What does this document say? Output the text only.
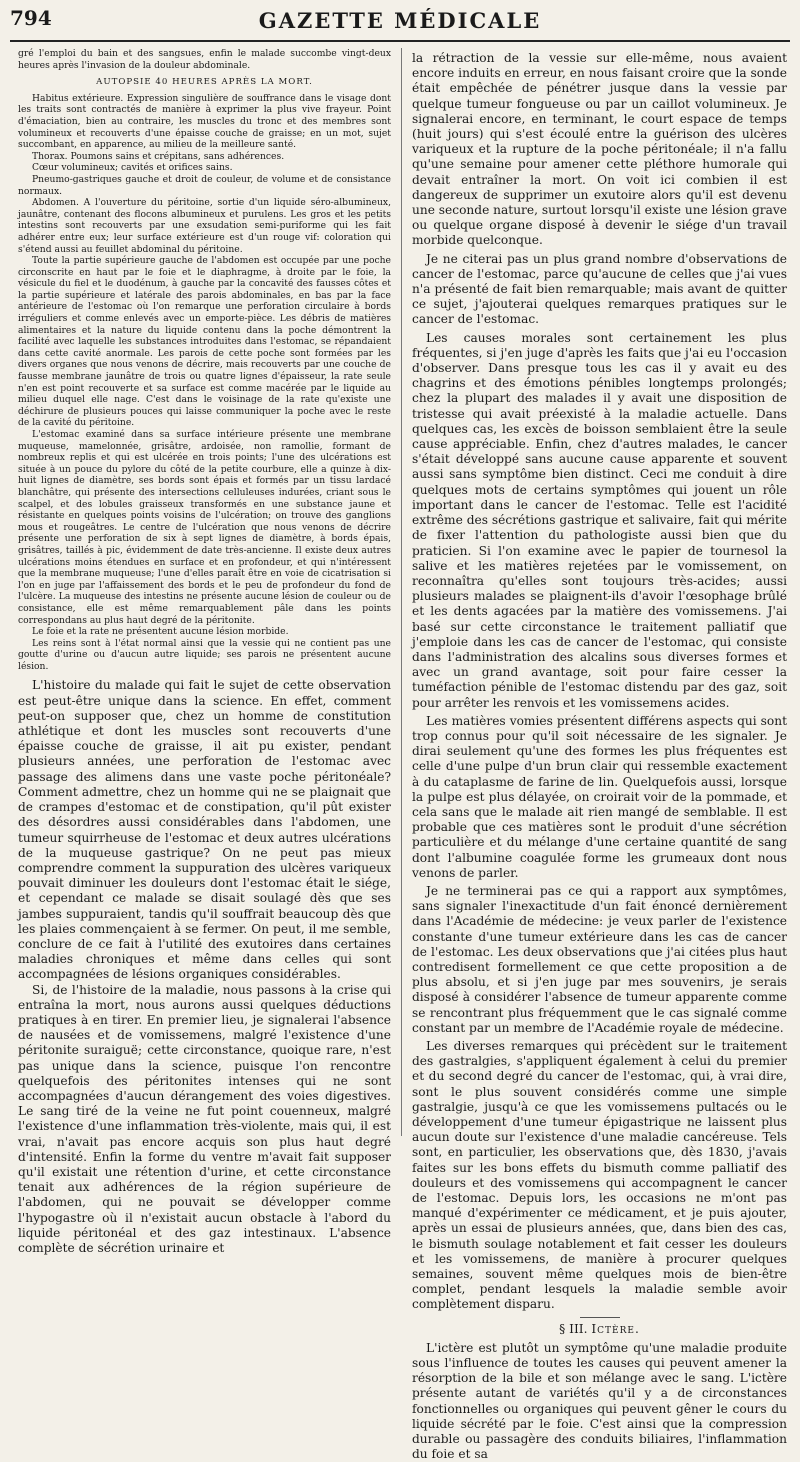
794	GAZETTE MÉDICALE

gré l'emploi du bain et des sangsues, enfin le malade succombe vingt-deux heures après l'invasion de la douleur abdominale.

AUTOPSIE 40 HEURES APRÈS LA MORT.

Habitus extérieure. Expression singulière de souffrance dans le visage dont les traits sont contractés de manière à exprimer la plus vive frayeur. Point d'émaciation, bien au contraire, les muscles du tronc et des membres sont volumineux et recouverts d'une épaisse couche de graisse; en un mot, sujet succombant, en apparence, au milieu de la meilleure santé.

Thorax. Poumons sains et crépitans, sans adhérences.

Cœur volumineux; cavités et orifices sains.

Pneumo-gastriques gauche et droit de couleur, de volume et de consistance normaux.

Abdomen. A l'ouverture du péritoine, sortie d'un liquide séro-albumineux, jaunâtre, contenant des flocons albumineux et purulens. Les gros et les petits intestins sont recouverts par une exsudation semi-puriforme qui les fait adhérer entre eux; leur surface extérieure est d'un rouge vif: coloration qui s'étend aussi au feuillet abdominal du péritoine.

Toute la partie supérieure gauche de l'abdomen est occupée par une poche circonscrite en haut par le foie et le diaphragme, à droite par le foie, la vésicule du fiel et le duodénum, à gauche par la concavité des fausses côtes et la partie supérieure et latérale des parois abdominales, en bas par la face antérieure de l'estomac où l'on remarque une perforation circulaire à bords irréguliers et comme enlevés avec un emporte-pièce. Les débris de matières alimentaires et la nature du liquide contenu dans la poche démontrent la facilité avec laquelle les substances introduites dans l'estomac, se répandaient dans cette cavité anormale. Les parois de cette poche sont formées par les divers organes que nous venons de décrire, mais recouverts par une couche de fausse membrane jaunâtre de trois ou quatre lignes d'épaisseur, la rate seule n'en est point recouverte et sa surface est comme macérée par le liquide au milieu duquel elle nage. C'est dans le voisinage de la rate qu'existe une déchirure de plusieurs pouces qui laisse communiquer la poche avec le reste de la cavité du péritoine.

L'estomac examiné dans sa surface intérieure présente une membrane muqueuse, mamelonnée, grisâtre, ardoisée, non ramollie, formant de nombreux replis et qui est ulcérée en trois points; l'une des ulcérations est située à un pouce du pylore du côté de la petite courbure, elle a quinze à dix-huit lignes de diamètre, ses bords sont épais et formés par un tissu lardacé blanchâtre, qui présente des intersections celluleuses indurées, criant sous le scalpel, et des lobules graisseux transformés en une substance jaune et résistante en quelques points voisins de l'ulcération; on trouve des ganglions mous et rougeâtres. Le centre de l'ulcération que nous venons de décrire présente une perforation de six à sept lignes de diamètre, à bords épais, grisâtres, taillés à pic, évidemment de date très-ancienne. Il existe deux autres ulcérations moins étendues en surface et en profondeur, et qui n'intéressent que la membrane muqueuse; l'une d'elles paraît être en voie de cicatrisation si l'on en juge par l'affaissement des bords et le peu de profondeur du fond de l'ulcère. La muqueuse des intestins ne présente aucune lésion de couleur ou de consistance, elle est même remarquablement pâle dans les points correspondans au plus haut degré de la péritonite.

Le foie et la rate ne présentent aucune lésion morbide.

Les reins sont à l'état normal ainsi que la vessie qui ne contient pas une goutte d'urine ou d'aucun autre liquide; ses parois ne présentent aucune lésion.

L'histoire du malade qui fait le sujet de cette observation est peut-être unique dans la science. En effet, comment peut-on supposer que, chez un homme de constitution athlétique et dont les muscles sont recouverts d'une épaisse couche de graisse, il ait pu exister, pendant plusieurs années, une perforation de l'estomac avec passage des alimens dans une vaste poche péritonéale? Comment admettre, chez un homme qui ne se plaignait que de crampes d'estomac et de constipation, qu'il pût exister des désordres aussi considérables dans l'abdomen, une tumeur squirrheuse de l'estomac et deux autres ulcérations de la muqueuse gastrique? On ne peut pas mieux comprendre comment la suppuration des ulcères variqueux pouvait diminuer les douleurs dont l'estomac était le siége, et cependant ce malade se disait soulagé dès que ses jambes suppuraient, tandis qu'il souffrait beaucoup dès que les plaies commençaient à se fermer. On peut, il me semble, conclure de ce fait à l'utilité des exutoires dans certaines maladies chroniques et même dans celles qui sont accompagnées de lésions organiques considérables.

Si, de l'histoire de la maladie, nous passons à la crise qui entraîna la mort, nous aurons aussi quelques déductions pratiques à en tirer. En premier lieu, je signalerai l'absence de nausées et de vomissemens, malgré l'existence d'une péritonite suraiguë; cette circonstance, quoique rare, n'est pas unique dans la science, puisque l'on rencontre quelquefois des péritonites intenses qui ne sont accompagnées d'aucun dérangement des voies digestives. Le sang tiré de la veine ne fut point couenneux, malgré l'existence d'une inflammation très-violente, mais qui, il est vrai, n'avait pas encore acquis son plus haut degré d'intensité. Enfin la forme du ventre m'avait fait supposer qu'il existait une rétention d'urine, et cette circonstance tenait aux adhérences de la région supérieure de l'abdomen, qui ne pouvait se développer comme l'hypogastre où il n'existait aucun obstacle à l'abord du liquide péritonéal et des gaz intestinaux. L'absence complète de sécrétion urinaire et

la rétraction de la vessie sur elle-même, nous avaient encore induits en erreur, en nous faisant croire que la sonde était empêchée de pénétrer jusque dans la vessie par quelque tumeur fongueuse ou par un caillot volumineux. Je signalerai encore, en terminant, le court espace de temps (huit jours) qui s'est écoulé entre la guérison des ulcères variqueux et la rupture de la poche péritonéale; il n'a fallu qu'une semaine pour amener cette pléthore humorale qui devait entraîner la mort. On voit ici combien il est dangereux de supprimer un exutoire alors qu'il est devenu une seconde nature, surtout lorsqu'il existe une lésion grave ou quelque organe disposé à devenir le siége d'un travail morbide quelconque.

Je ne citerai pas un plus grand nombre d'observations de cancer de l'estomac, parce qu'aucune de celles que j'ai vues n'a présenté de fait bien remarquable; mais avant de quitter ce sujet, j'ajouterai quelques remarques pratiques sur le cancer de l'estomac.

Les causes morales sont certainement les plus fréquentes, si j'en juge d'après les faits que j'ai eu l'occasion d'observer. Dans presque tous les cas il y avait eu des chagrins et des émotions pénibles longtemps prolongés; chez la plupart des malades il y avait une disposition de tristesse qui avait préexisté à la maladie actuelle. Dans quelques cas, les excès de boisson semblaient être la seule cause appréciable. Enfin, chez d'autres malades, le cancer s'était développé sans aucune cause apparente et souvent aussi sans symptôme bien distinct. Ceci me conduit à dire quelques mots de certains symptômes qui jouent un rôle important dans le cancer de l'estomac. Telle est l'acidité extrême des sécrétions gastrique et salivaire, fait qui mérite de fixer l'attention du pathologiste aussi bien que du praticien. Si l'on examine avec le papier de tournesol la salive et les matières rejetées par le vomissement, on reconnaîtra qu'elles sont toujours très-acides; aussi plusieurs malades se plaignent-ils d'avoir l'œsophage brûlé et les dents agacées par la matière des vomissemens. J'ai basé sur cette circonstance le traitement palliatif que j'emploie dans les cas de cancer de l'estomac, qui consiste dans l'administration des alcalins sous diverses formes et avec un grand avantage, soit pour faire cesser la tuméfaction pénible de l'estomac distendu par des gaz, soit pour arrêter les renvois et les vomissemens acides.

Les matières vomies présentent différens aspects qui sont trop connus pour qu'il soit nécessaire de les signaler. Je dirai seulement qu'une des formes les plus fréquentes est celle d'une pulpe d'un brun clair qui ressemble exactement à du cataplasme de farine de lin. Quelquefois aussi, lorsque la pulpe est plus délayée, on croirait voir de la pommade, et cela sans que le malade ait rien mangé de semblable. Il est probable que ces matières sont le produit d'une sécrétion particulière et du mélange d'une certaine quantité de sang dont l'albumine coagulée forme les grumeaux dont nous venons de parler.

Je ne terminerai pas ce qui a rapport aux symptômes, sans signaler l'inexactitude d'un fait énoncé dernièrement dans l'Académie de médecine: je veux parler de l'existence constante d'une tumeur extérieure dans les cas de cancer de l'estomac. Les deux observations que j'ai citées plus haut contredisent formellement ce que cette proposition a de plus absolu, et si j'en juge par mes souvenirs, je serais disposé à considérer l'absence de tumeur apparente comme se rencontrant plus fréquemment que le cas signalé comme constant par un membre de l'Académie royale de médecine.

Les diverses remarques qui précèdent sur le traitement des gastralgies, s'appliquent également à celui du premier et du second degré du cancer de l'estomac, qui, à vrai dire, sont le plus souvent considérés comme une simple gastralgie, jusqu'à ce que les vomissemens pultacés ou le développement d'une tumeur épigastrique ne laissent plus aucun doute sur l'existence d'une maladie cancéreuse. Tels sont, en particulier, les observations que, dès 1830, j'avais faites sur les bons effets du bismuth comme palliatif des douleurs et des vomissemens qui accompagnent le cancer de l'estomac. Depuis lors, les occasions ne m'ont pas manqué d'expérimenter ce médicament, et je puis ajouter, après un essai de plusieurs années, que, dans bien des cas, le bismuth soulage notablement et fait cesser les douleurs et les vomissemens, de manière à procurer quelques semaines, souvent même quelques mois de bien-être complet, pendant lesquels la maladie semble avoir complètement disparu.

§ III. Ictère.

L'ictère est plutôt un symptôme qu'une maladie produite sous l'influence de toutes les causes qui peuvent amener la résorption de la bile et son mélange avec le sang. L'ictère présente autant de variétés qu'il y a de circonstances fonctionnelles ou organiques qui peuvent gêner le cours du liquide sécrété par le foie. C'est ainsi que la compression durable ou passagère des conduits biliaires, l'inflammation du foie et sa
